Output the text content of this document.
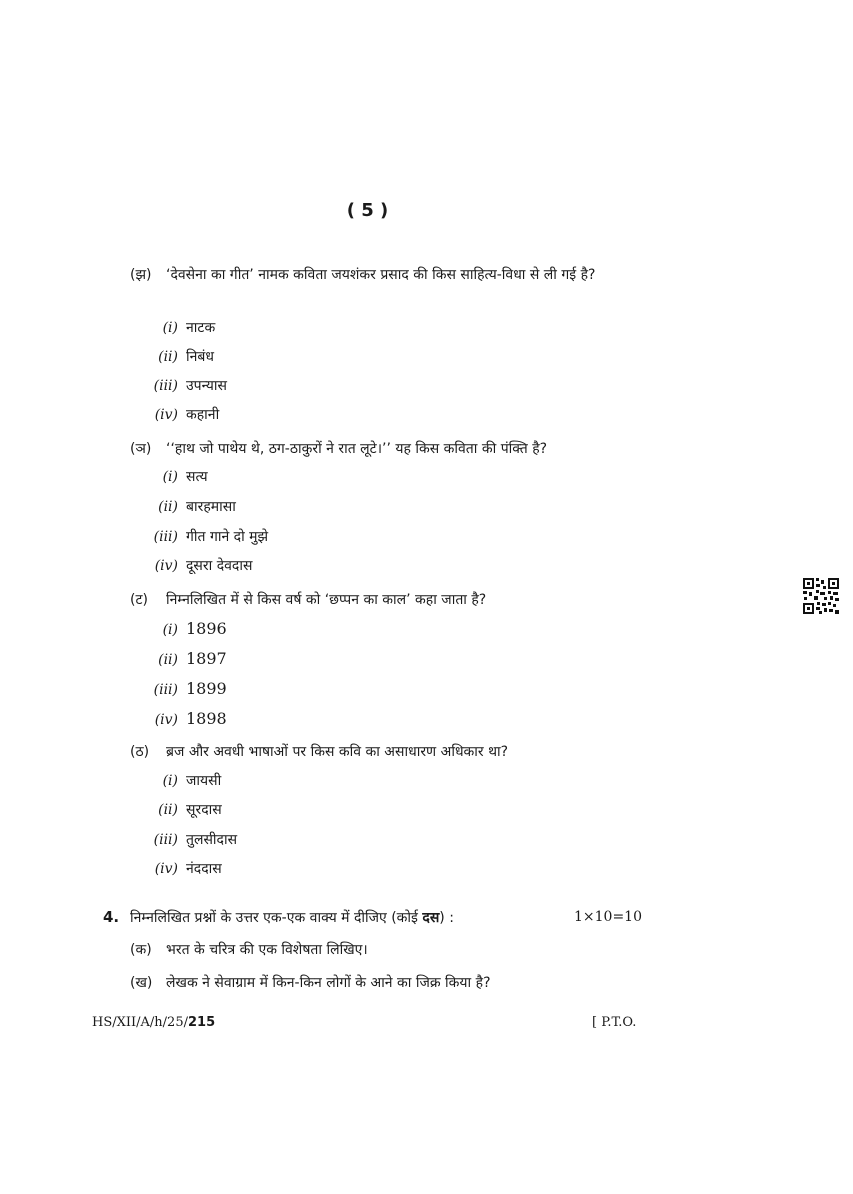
( 5 )
(झ) ‘देवसेना का गीत’ नामक कविता जयशंकर प्रसाद की किस साहित्य-विधा से ली गई है?
(i) नाटक
(ii) निबंध
(iii) उपन्यास
(iv) कहानी
(ञ) ‘‘हाथ जो पाथेय थे, ठग-ठाकुरों ने रात लूटे।’’ यह किस कविता की पंक्ति है?
(i) सत्य
(ii) बारहमासा
(iii) गीत गाने दो मुझे
(iv) दूसरा देवदास
(ट) निम्नलिखित में से किस वर्ष को ‘छप्पन का काल’ कहा जाता है?
(i) 1896
(ii) 1897
(iii) 1899
(iv) 1898
(ठ) ब्रज और अवधी भाषाओं पर किस कवि का असाधारण अधिकार था?
(i) जायसी
(ii) सूरदास
(iii) तुलसीदास
(iv) नंददास
4. निम्नलिखित प्रश्नों के उत्तर एक-एक वाक्य में दीजिए (कोई दस) :	1×10=10
(क) भरत के चरित्र की एक विशेषता लिखिए।
(ख) लेखक ने सेवाग्राम में किन-किन लोगों के आने का जिक्र किया है?
HS/XII/A/h/25/215	[ P.T.O.
